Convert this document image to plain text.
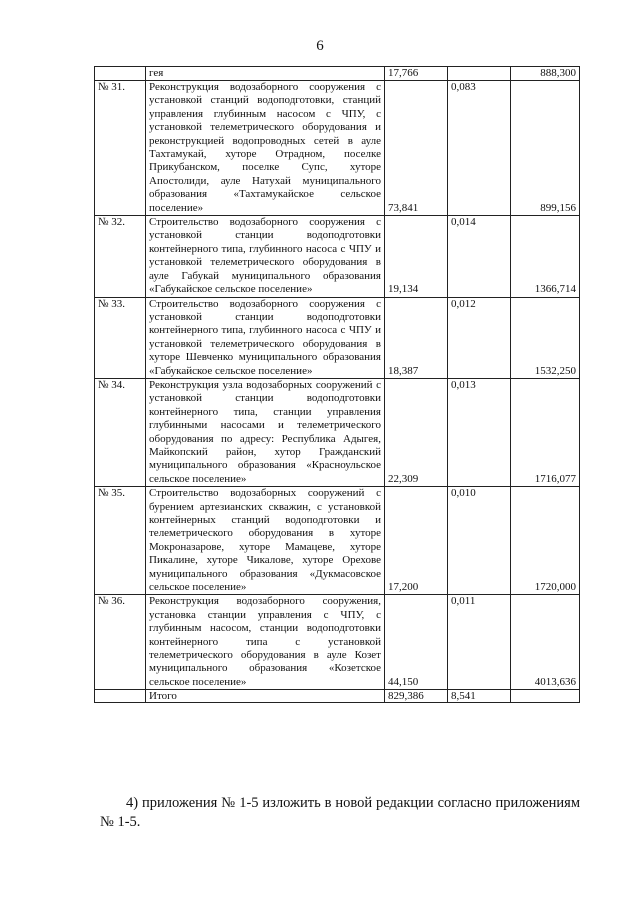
6
	гея	17,766		888,300
№ 31.	Реконструкция водозаборного сооружения с установкой станций водоподготовки, станций управления глубинным насосом с ЧПУ, с установкой телеметрического оборудования и реконструкцией водопроводных сетей в ауле Тахтамукай, хуторе Отрадном, поселке Прикубанском, поселке Супс, хуторе Апостолиди, ауле Натухай муниципального образования «Тахтамукайское сельское поселение»	73,841	0,083	899,156
№ 32.	Строительство водозаборного сооружения с установкой станции водоподготовки контейнерного типа, глубинного насоса с ЧПУ и установкой телеметрического оборудования в ауле Габукай муниципального образования «Габукайское сельское поселение»	19,134	0,014	1366,714
№ 33.	Строительство водозаборного сооружения с установкой станции водоподготовки контейнерного типа, глубинного насоса с ЧПУ и установкой телеметрического оборудования в хуторе Шевченко муниципального образования «Габукайское сельское поселение»	18,387	0,012	1532,250
№ 34.	Реконструкция узла водозаборных сооружений с установкой станции водоподготовки контейнерного типа, станции управления глубинными насосами и телеметрического оборудования по адресу: Республика Адыгея, Майкопский район, хутор Гражданский муниципального образования «Красноульское сельское поселение»	22,309	0,013	1716,077
№ 35.	Строительство водозаборных сооружений с бурением артезианских скважин, с установкой контейнерных станций водоподготовки и телеметрического оборудования в хуторе Мокроназарове, хуторе Мамацеве, хуторе Пикалине, хуторе Чикалове, хуторе Орехове муниципального образования «Дукмасовское сельское поселение»	17,200	0,010	1720,000
№ 36.	Реконструкция водозаборного сооружения, установка станции управления с ЧПУ, с глубинным насосом, станции водоподготовки контейнерного типа с установкой телеметрического оборудования в ауле Козет муниципального образования «Козетское сельское поселение»	44,150	0,011	4013,636
	Итого	829,386	8,541	
4) приложения № 1-5 изложить в новой редакции согласно приложениям № 1-5.
